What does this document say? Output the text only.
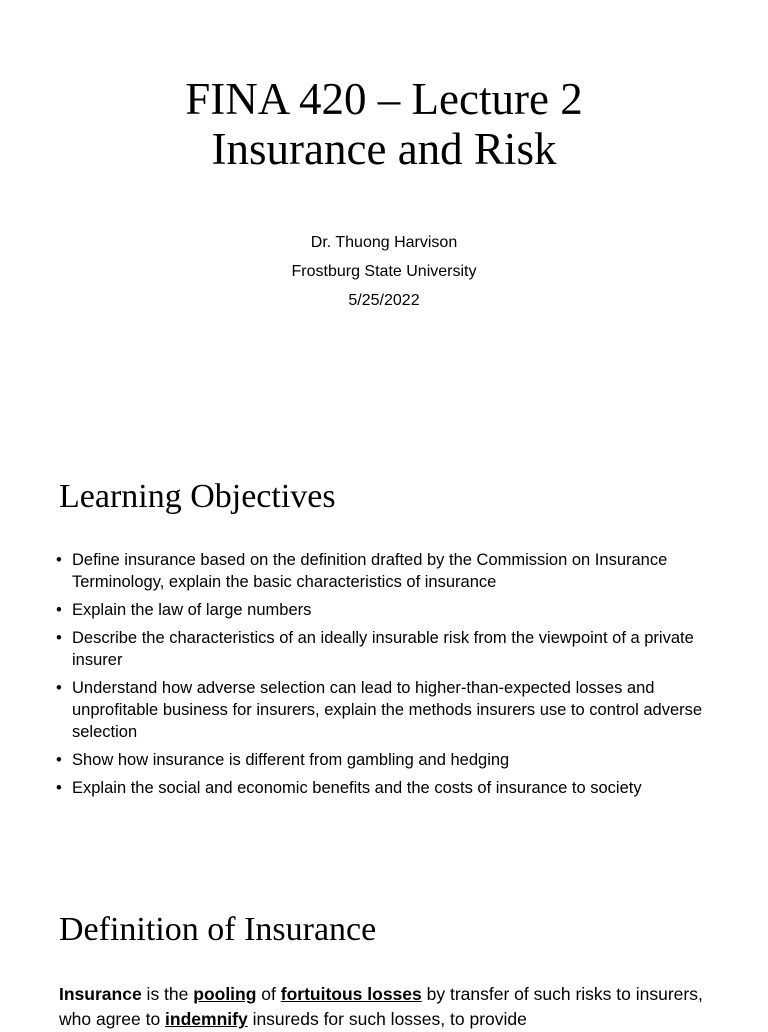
FINA 420 – Lecture 2
Insurance and Risk
Dr. Thuong Harvison
Frostburg State University
5/25/2022
Learning Objectives
• Define insurance based on the definition drafted by the Commission on Insurance Terminology, explain the basic characteristics of insurance
• Explain the law of large numbers
• Describe the characteristics of an ideally insurable risk from the viewpoint of a private insurer
• Understand how adverse selection can lead to higher-than-expected losses and unprofitable business for insurers, explain the methods insurers use to control adverse selection
• Show how insurance is different from gambling and hedging
• Explain the social and economic benefits and the costs of insurance to society
Definition of Insurance

Insurance is the pooling of fortuitous losses by transfer of such risks to insurers, who agree to indemnify insureds for such losses, to provide
